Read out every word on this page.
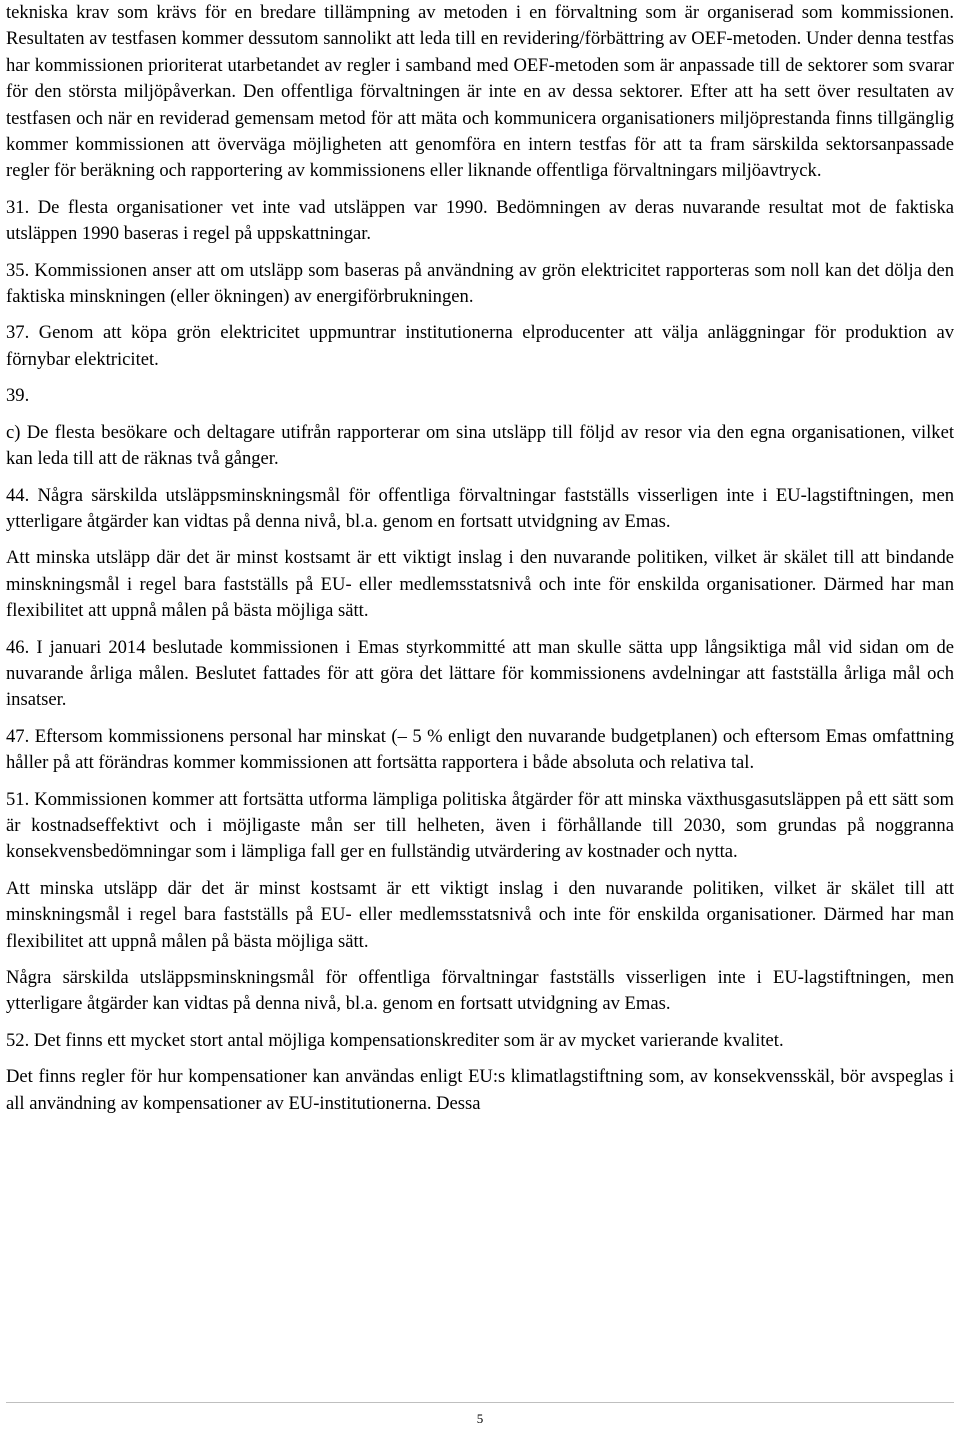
tekniska krav som krävs för en bredare tillämpning av metoden i en förvaltning som är organiserad som kommissionen. Resultaten av testfasen kommer dessutom sannolikt att leda till en revidering/förbättring av OEF-metoden. Under denna testfas har kommissionen prioriterat utarbetandet av regler i samband med OEF-metoden som är anpassade till de sektorer som svarar för den största miljöpåverkan. Den offentliga förvaltningen är inte en av dessa sektorer. Efter att ha sett över resultaten av testfasen och när en reviderad gemensam metod för att mäta och kommunicera organisationers miljöprestanda finns tillgänglig kommer kommissionen att överväga möjligheten att genomföra en intern testfas för att ta fram särskilda sektorsanpassade regler för beräkning och rapportering av kommissionens eller liknande offentliga förvaltningars miljöavtryck.

31. De flesta organisationer vet inte vad utsläppen var 1990. Bedömningen av deras nuvarande resultat mot de faktiska utsläppen 1990 baseras i regel på uppskattningar.

35. Kommissionen anser att om utsläpp som baseras på användning av grön elektricitet rapporteras som noll kan det dölja den faktiska minskningen (eller ökningen) av energiförbrukningen.

37. Genom att köpa grön elektricitet uppmuntrar institutionerna elproducenter att välja anläggningar för produktion av förnybar elektricitet.

39.

c) De flesta besökare och deltagare utifrån rapporterar om sina utsläpp till följd av resor via den egna organisationen, vilket kan leda till att de räknas två gånger.

44. Några särskilda utsläppsminskningsmål för offentliga förvaltningar fastställs visserligen inte i EU-lagstiftningen, men ytterligare åtgärder kan vidtas på denna nivå, bl.a. genom en fortsatt utvidgning av Emas.

Att minska utsläpp där det är minst kostsamt är ett viktigt inslag i den nuvarande politiken, vilket är skälet till att bindande minskningsmål i regel bara fastställs på EU- eller medlemsstatsnivå och inte för enskilda organisationer. Därmed har man flexibilitet att uppnå målen på bästa möjliga sätt.

46. I januari 2014 beslutade kommissionen i Emas styrkommitté att man skulle sätta upp långsiktiga mål vid sidan om de nuvarande årliga målen. Beslutet fattades för att göra det lättare för kommissionens avdelningar att fastställa årliga mål och insatser.

47. Eftersom kommissionens personal har minskat (– 5 % enligt den nuvarande budgetplanen) och eftersom Emas omfattning håller på att förändras kommer kommissionen att fortsätta rapportera i både absoluta och relativa tal.

51. Kommissionen kommer att fortsätta utforma lämpliga politiska åtgärder för att minska växthusgasutsläppen på ett sätt som är kostnadseffektivt och i möjligaste mån ser till helheten, även i förhållande till 2030, som grundas på noggranna konsekvensbedömningar som i lämpliga fall ger en fullständig utvärdering av kostnader och nytta.

Att minska utsläpp där det är minst kostsamt är ett viktigt inslag i den nuvarande politiken, vilket är skälet till att minskningsmål i regel bara fastställs på EU- eller medlemsstatsnivå och inte för enskilda organisationer. Därmed har man flexibilitet att uppnå målen på bästa möjliga sätt.

Några särskilda utsläppsminskningsmål för offentliga förvaltningar fastställs visserligen inte i EU-lagstiftningen, men ytterligare åtgärder kan vidtas på denna nivå, bl.a. genom en fortsatt utvidgning av Emas.

52. Det finns ett mycket stort antal möjliga kompensationskrediter som är av mycket varierande kvalitet.

Det finns regler för hur kompensationer kan användas enligt EU:s klimatlagstiftning som, av konsekvensskäl, bör avspeglas i all användning av kompensationer av EU-institutionerna. Dessa

5
